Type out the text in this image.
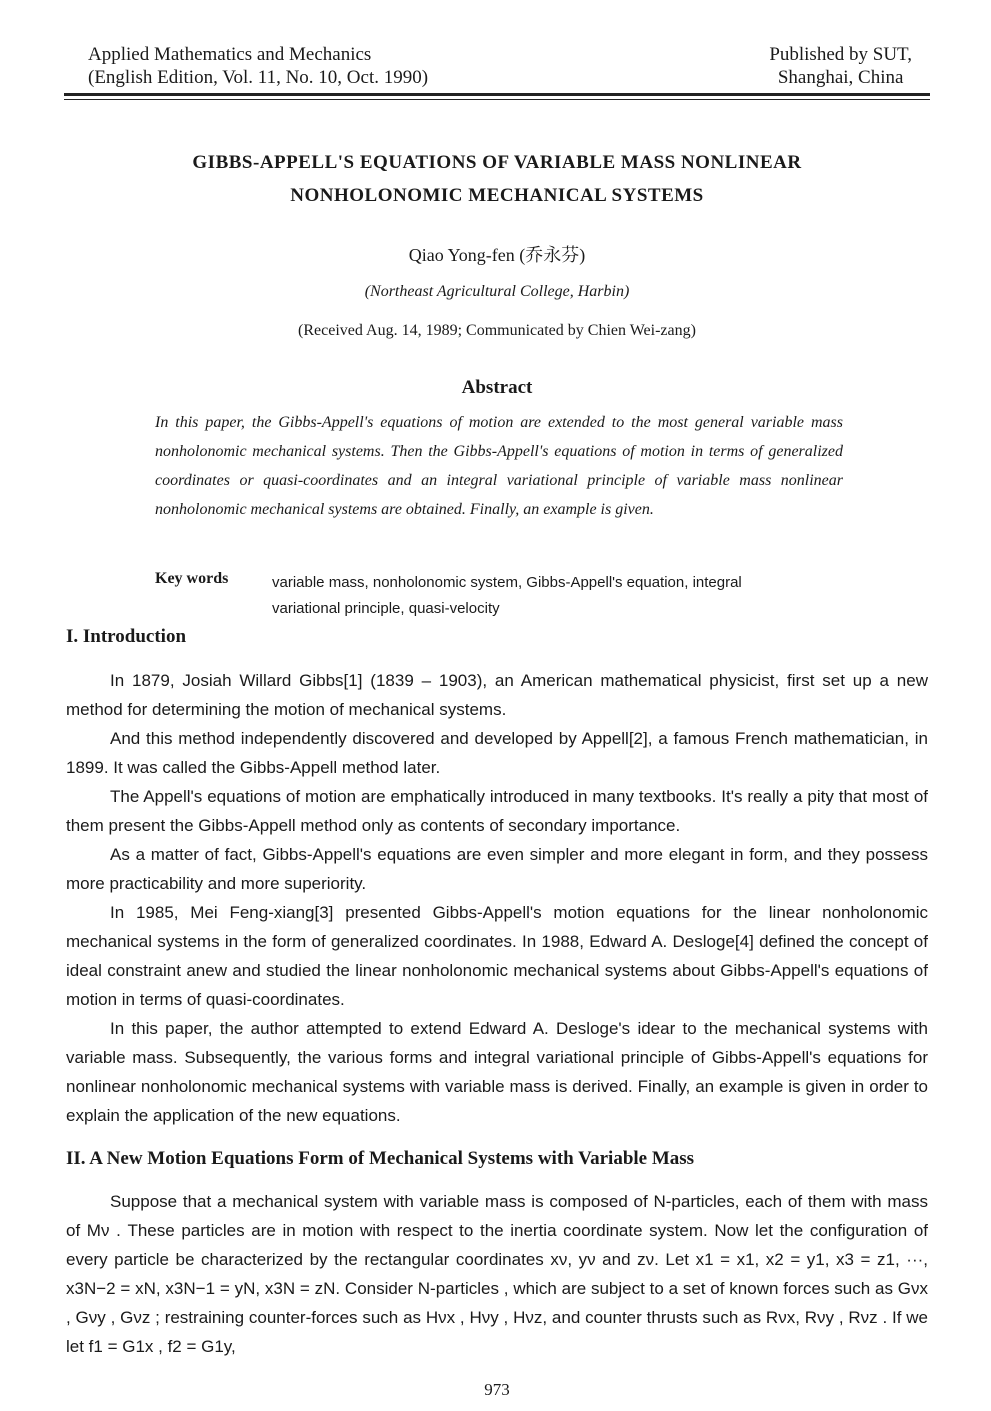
Applied Mathematics and Mechanics
(English Edition, Vol. 11, No. 10, Oct. 1990)
Published by SUT,
Shanghai, China
GIBBS-APPELL'S EQUATIONS OF VARIABLE MASS NONLINEAR
NONHOLONOMIC MECHANICAL SYSTEMS
Qiao Yong-fen (乔永芬)
(Northeast Agricultural College, Harbin)
(Received Aug. 14, 1989; Communicated by Chien Wei-zang)
Abstract
In this paper, the Gibbs-Appell's equations of motion are extended to the most general variable mass nonholonomic mechanical systems. Then the Gibbs-Appell's equations of motion in terms of generalized coordinates or quasi-coordinates and an integral variational principle of variable mass nonlinear nonholonomic mechanical systems are obtained. Finally, an example is given.
Key words	variable mass, nonholonomic system, Gibbs-Appell's equation, integral
variational principle, quasi-velocity
I. Introduction

In 1879, Josiah Willard Gibbs[1] (1839 – 1903), an American mathematical physicist, first set up a new method for determining the motion of mechanical systems.

And this method independently discovered and developed by Appell[2], a famous French mathematician, in 1899. It was called the Gibbs-Appell method later.

The Appell's equations of motion are emphatically introduced in many textbooks. It's really a pity that most of them present the Gibbs-Appell method only as contents of secondary importance.

As a matter of fact, Gibbs-Appell's equations are even simpler and more elegant in form, and they possess more practicability and more superiority.

In 1985, Mei Feng-xiang[3] presented Gibbs-Appell's motion equations for the linear nonholonomic mechanical systems in the form of generalized coordinates. In 1988, Edward A. Desloge[4] defined the concept of ideal constraint anew and studied the linear nonholonomic mechanical systems about Gibbs-Appell's equations of motion in terms of quasi-coordinates.

In this paper, the author attempted to extend Edward A. Desloge's idear to the mechanical systems with variable mass. Subsequently, the various forms and integral variational principle of Gibbs-Appell's equations for nonlinear nonholonomic mechanical systems with variable mass is derived. Finally, an example is given in order to explain the application of the new equations.

II. A New Motion Equations Form of Mechanical Systems with Variable Mass

Suppose that a mechanical system with variable mass is composed of N-particles, each of them with mass of Mν . These particles are in motion with respect to the inertia coordinate system. Now let the configuration of every particle be characterized by the rectangular coordinates xν, yν and zν. Let x1 = x1, x2 = y1, x3 = z1, ···, x3N−2 = xN, x3N−1 = yN, x3N = zN. Consider N-particles , which are subject to a set of known forces such as Gνx , Gνy , Gνz ; restraining counter-forces such as Hνx , Hνy , Hνz, and counter thrusts such as Rνx, Rνy , Rνz . If we let f1 = G1x , f2 = G1y,

973
